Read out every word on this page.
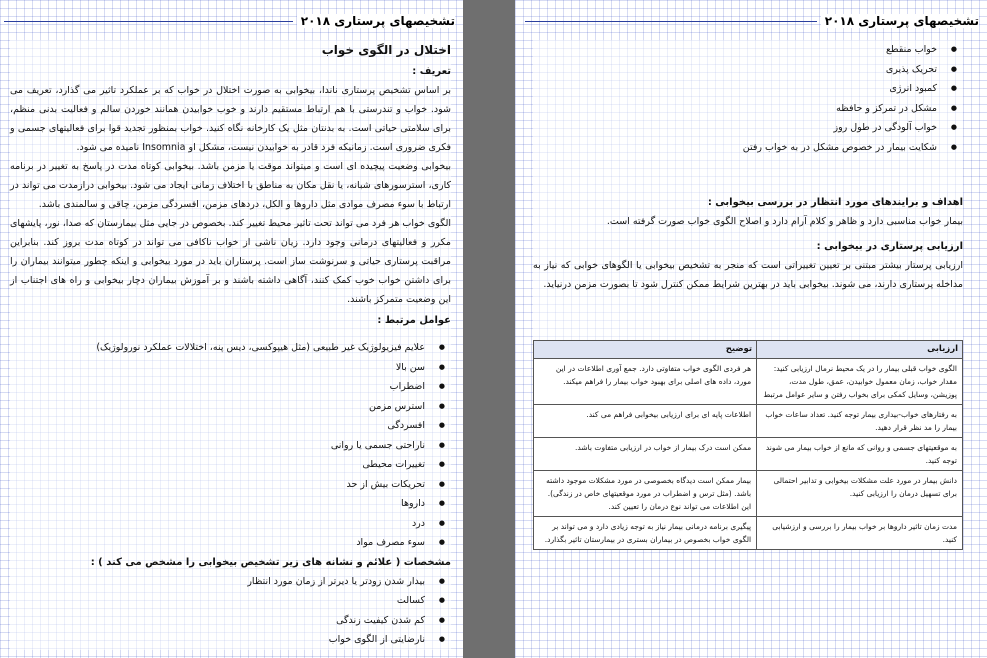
تشخیصهای پرستاری ۲۰۱۸
اختلال در الگوی خواب
تعریف :

بر اساس تشخیص پرستاری ناندا، بیخوابی به صورت اختلال در خواب که بر عملکرد تاثیر می گذارد، تعریف می شود. خواب و تندرستی با هم ارتباط مستقیم دارند و خوب خوابیدن همانند خوردن سالم و فعالیت بدنی منظم، برای سلامتی حیاتی است. به بدنتان مثل یک کارخانه نگاه کنید. خواب بمنظور تجدید قوا برای فعالیتهای جسمی و فکری ضروری است. زمانیکه فرد قادر به خوابیدن نیست، مشکل او Insomnia نامیده می شود.

بیخوابی وضعیت پیچیده ای است و میتواند موقت یا مزمن باشد. بیخوابی کوتاه مدت در پاسخ به تغییر در برنامه کاری، استرسورهای شبانه، یا نقل مکان به مناطق با اختلاف زمانی ایجاد می شود. بیخوابی درازمدت می تواند در ارتباط با سوء مصرف موادی مثل داروها و الکل، دردهای مزمن، افسردگی مزمن، چاقی و سالمندی باشد.

الگوی خواب هر فرد می تواند تحت تاثیر محیط تغییر کند. بخصوص در جایی مثل بیمارستان که صدا، نور، پایشهای مکرر و فعالیتهای درمانی وجود دارد. زیان ناشی از خواب ناکافی می تواند در کوتاه مدت بروز کند. بنابراین مراقبت پرستاری حیاتی و سرنوشت ساز است. پرستاران باید در مورد بیخوابی و اینکه چطور میتوانند بیماران را برای داشتن خواب خوب کمک کنند، آگاهی داشته باشند و بر آموزش بیماران دچار بیخوابی و راه های اجتناب از این وضعیت متمرکز باشند.

عوامل مرتبط :
● علایم فیزیولوژیک غیر طبیعی (مثل هیپوکسی، دیس پنه، اختلالات عملکرد نورولوژیک)
● سن بالا
● اضطراب
● استرس مزمن
● افسردگی
● ناراحتی جسمی یا روانی
● تغییرات محیطی
● تحریکات بیش از حد
● داروها
● درد
● سوء مصرف مواد
مشخصات ( علائم و نشانه های زیر تشخیص بیخوابی را مشخص می کند ) :
● بیدار شدن زودتر یا دیرتر از زمان مورد انتظار
● کسالت
● کم شدن کیفیت زندگی
● نارضایتی از الگوی خواب
تشخیصهای پرستاری ۲۰۱۸
● خواب منقطع
● تحریک پذیری
● کمبود انرژی
● مشکل در تمرکز و حافظه
● خواب آلودگی در طول روز
● شکایت بیمار در خصوص مشکل در به خواب رفتن
اهداف و برایندهای مورد انتظار در بررسی بیخوابی :

بیمار خواب مناسبی دارد و ظاهر و کلام آرام دارد و اصلاح الگوی خواب صورت گرفته است.

ارزیابی پرستاری در بیخوابی :

ارزیابی پرستار بیشتر مبتنی بر تعیین تغییراتی است که منجر به تشخیص بیخوابی یا الگوهای خوابی که نیاز به مداخله پرستاری دارند، می شوند. بیخوابی باید در بهترین شرایط ممکن کنترل شود تا بصورت مزمن درنیاید.

ارزیابی	توضیح
الگوی خواب قبلی بیمار را در یک محیط نرمال ارزیابی کنید: مقدار خواب، زمان معمول خوابیدن، عمق، طول مدت، پوزیشن، وسایل کمکی برای بخواب رفتن و سایر عوامل مرتبط	هر فردی الگوی خواب متفاوتی دارد. جمع آوری اطلاعات در این مورد، داده های اصلی برای بهبود خواب بیمار را فراهم میکند.
به رفتارهای خواب-بیداری بیمار توجه کنید. تعداد ساعات خواب بیمار را مد نظر قرار دهید.	اطلاعات پایه ای برای ارزیابی بیخوابی فراهم می کند.
به موقعیتهای جسمی و روانی که مانع از خواب بیمار می شوند توجه کنید.	ممکن است درک بیمار از خواب در ارزیابی متفاوت باشد.
دانش بیمار در مورد علت مشکلات بیخوابی و تدابیر احتمالی برای تسهیل درمان را ارزیابی کنید.	بیمار ممکن است دیدگاه بخصوصی در مورد مشکلات موجود داشته باشد. (مثل ترس و اضطراب در مورد موقعیتهای خاص در زندگی). این اطلاعات می تواند نوع درمان را تعیین کند.
مدت زمان تاثیر داروها بر خواب بیمار را بررسی و ارزشیابی کنید.	پیگیری برنامه درمانی بیمار نیاز به توجه زیادی دارد و می تواند بر الگوی خواب بخصوص در بیماران بستری در بیمارستان تاثیر بگذارد.
